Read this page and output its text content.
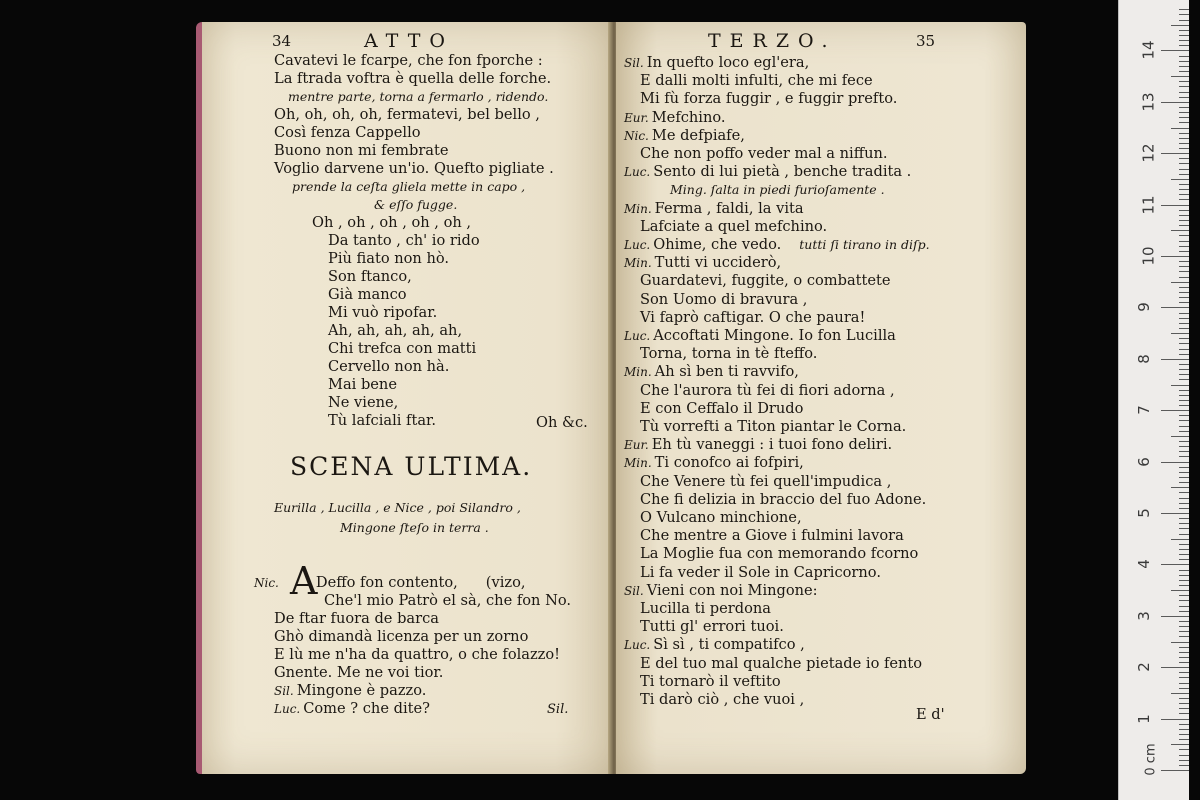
34	ATTO
Cavatevi le fcarpe, che fon fporche :
La ftrada voftra è quella delle forche.
mentre parte, torna a fermarlo , ridendo.
Oh, oh, oh, oh, fermatevi, bel bello ,
Così fenza Cappello
Buono non mi fembrate
Voglio darvene un'io. Quefto pigliate .
prende la ceſta gliela mette in capo ,
& eſſo fugge.
Oh , oh , oh , oh , oh ,
Da tanto , ch' io rido
Più fiato non hò.
Son ftanco,
Già manco
Mi vuò ripofar.
Ah, ah, ah, ah, ah,
Chi trefca con matti
Cervello non hà.
Mai bene
Ne viene,
Tù lafciali ftar.	Oh &c.
SCENA ULTIMA.
Eurilla , Lucilla , e Nice , poi Silandro ,
Mingone ſteſo in terra .
A
Nic.	Deffo fon contento, (vizo,
Che'l mio Patrò el sà, che fon No.
De ftar fuora de barca
Ghò dimandà licenza per un zorno
E lù me n'ha da quattro, o che folazzo!
Gnente. Me ne voi tior.
Sil. Mingone è pazzo.
Luc. Come ? che dite?	Sil.
TERZO.	35
Sil. In quefto loco egl'era,
E dalli molti infulti, che mi fece
Mi fù forza fuggir , e fuggir prefto.
Eur. Mefchino.
Nic. Me defpiafe,
Che non poffo veder mal a niffun.
Luc. Sento di lui pietà , benche tradita .
Ming. ſalta in piedi furioſamente .
Min. Ferma , faldi, la vita
Lafciate a quel mefchino.
Luc. Ohime, che vedo. tutti ſi tirano in diſp.
Min. Tutti vi ucciderò,
Guardatevi, fuggite, o combattete
Son Uomo di bravura ,
Vi faprò caftigar. O che paura!
Luc. Accoftati Mingone. Io fon Lucilla
Torna, torna in tè fteffo.
Min. Ah sì ben ti ravvifo,
Che l'aurora tù fei di fiori adorna ,
E con Ceffalo il Drudo
Tù vorrefti a Titon piantar le Corna.
Eur. Eh tù vaneggi : i tuoi fono deliri.
Min. Ti conofco ai fofpiri,
Che Venere tù fei quell'impudica ,
Che fi delizia in braccio del fuo Adone.
O Vulcano minchione,
Che mentre a Giove i fulmini lavora
La Moglie fua con memorando fcorno
Li fa veder il Sole in Capricorno.
Sil. Vieni con noi Mingone:
Lucilla ti perdona
Tutti gl' errori tuoi.
Luc. Sì sì , ti compatifco ,
E del tuo mal qualche pietade io fento
Ti tornarò il veftito
Ti darò ciò , che vuoi ,
E d'	1
2
3
4
5
6
7
8
9
10
11
12
13
14
0 cm
